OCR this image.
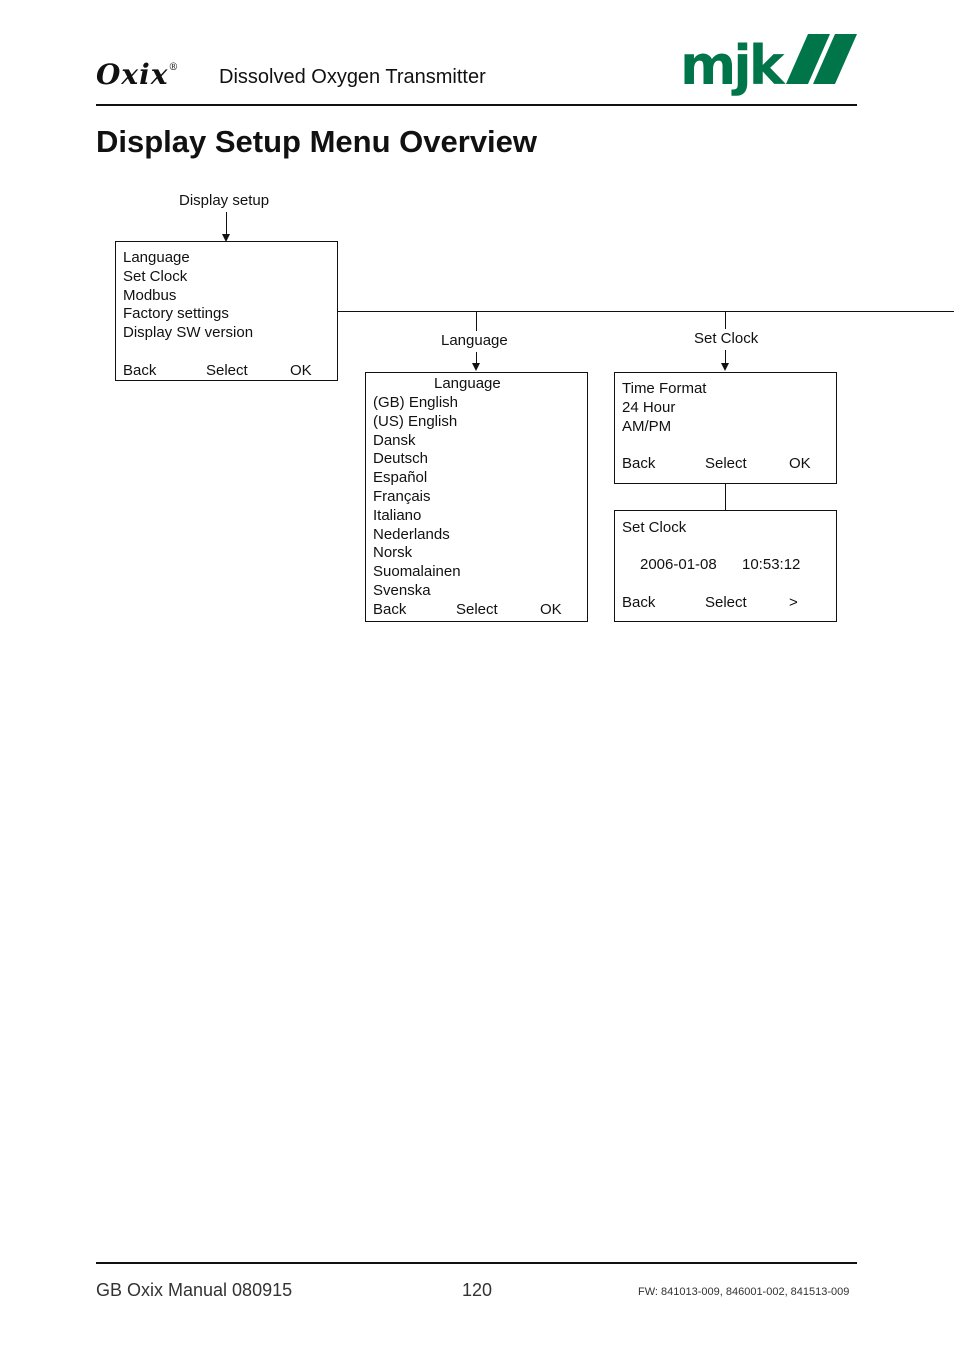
Oxix® Dissolved Oxygen Transmitter	mjk
Display Setup Menu Overview
Display setup
Language
Set Clock
Modbus
Factory settings
Display SW version
Back	Select	OK
Language
Language
(GB) English
(US) English
Dansk
Deutsch
Español
Français
Italiano
Nederlands
Norsk
Suomalainen
Svenska
Back	Select	OK
Set Clock
Time Format
24 Hour
AM/PM
Back	Select	OK
Set Clock
2006-01-08 10:53:12
Back	Select	>
GB Oxix Manual 080915	120	FW: 841013-009, 846001-002, 841513-009
